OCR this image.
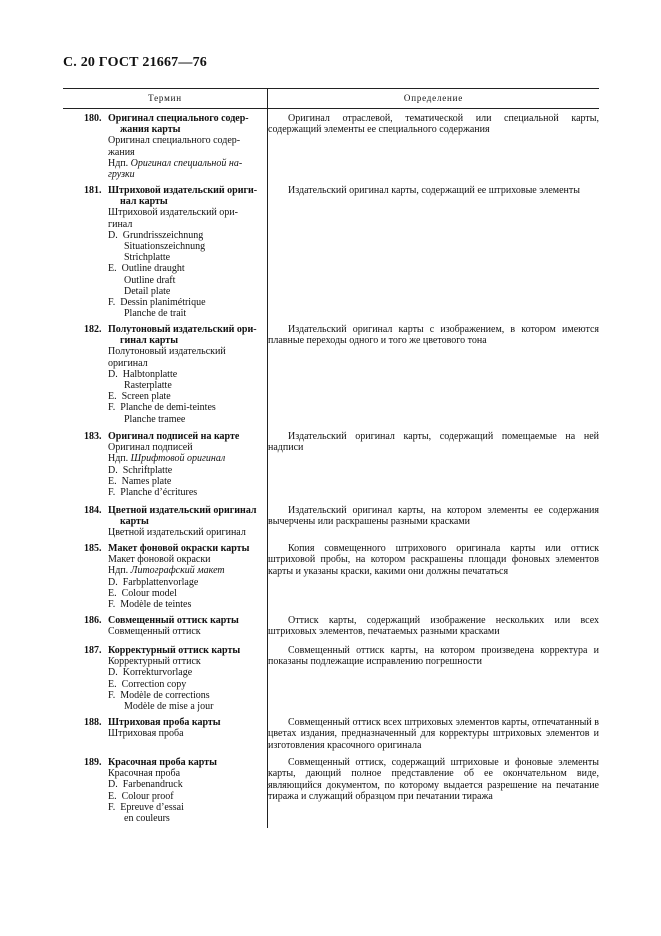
С. 20 ГОСТ 21667—76
Термин	Определение
180. Оригинал специального содер-
жания карты
Оригинал специального содер-
жания
Ндп. Оригинал специальной на-
грузки
Оригинал отраслевой, тематической или специальной карты, содержащий элементы ее специального содержания
181. Штриховой издательский ориги-
нал карты
Штриховой издательский ори-
гинал
D. Grundrisszeichnung
Situationszeichnung
Strichplatte
E. Outline draught
Outline draft
Detail plate
F. Dessin planimétrique
Planche de trait
Издательский оригинал карты, содержащий ее штриховые элементы
182. Полутоновый издательский ори-
гинал карты
Полутоновый издательский
оригинал
D. Halbtonplatte
Rasterplatte
E. Screen plate
F. Planche de demi-teintes
Planche tramee
Издательский оригинал карты с изображением, в котором имеются плавные переходы одного и того же цветового тона
183. Оригинал подписей на карте
Оригинал подписей
Ндп. Шрифтовой оригинал
D. Schriftplatte
E. Names plate
F. Planche d’écritures
Издательский оригинал карты, содержащий помещаемые на ней надписи
184. Цветной издательский оригинал
карты
Цветной издательский оригинал
Издательский оригинал карты, на котором элементы ее содержания вычерчены или раскрашены разными красками
185. Макет фоновой окраски карты
Макет фоновой окраски
Ндп. Литографский макет
D. Farbplattenvorlage
E. Colour model
F. Modèle de teintes
Копия совмещенного штрихового оригинала карты или оттиск штриховой пробы, на котором раскрашены площади фоновых элементов карты и указаны краски, какими они должны печататься
186. Совмещенный оттиск карты
Совмещенный оттиск
Оттиск карты, содержащий изображение нескольких или всех штриховых элементов, печатаемых разными красками
187. Корректурный оттиск карты
Корректурный оттиск
D. Korrekturvorlage
E. Correction copy
F. Modèle de corrections
Modèle de mise a jour
Совмещенный оттиск карты, на котором произведена корректура и показаны подлежащие исправлению погрешности
188. Штриховая проба карты
Штриховая проба
Совмещенный оттиск всех штриховых элементов карты, отпечатанный в цветах издания, предназначенный для корректуры штриховых элементов и изготовления красочного оригинала
189. Красочная проба карты
Красочная проба
D. Farbenandruck
E. Colour proof
F. Epreuve d’essai
en couleurs
Совмещенный оттиск, содержащий штриховые и фоновые элементы карты, дающий полное представление об ее окончательном виде, являющийся документом, по которому выдается разрешение на печатание тиража и служащий образцом при печатании тиража
